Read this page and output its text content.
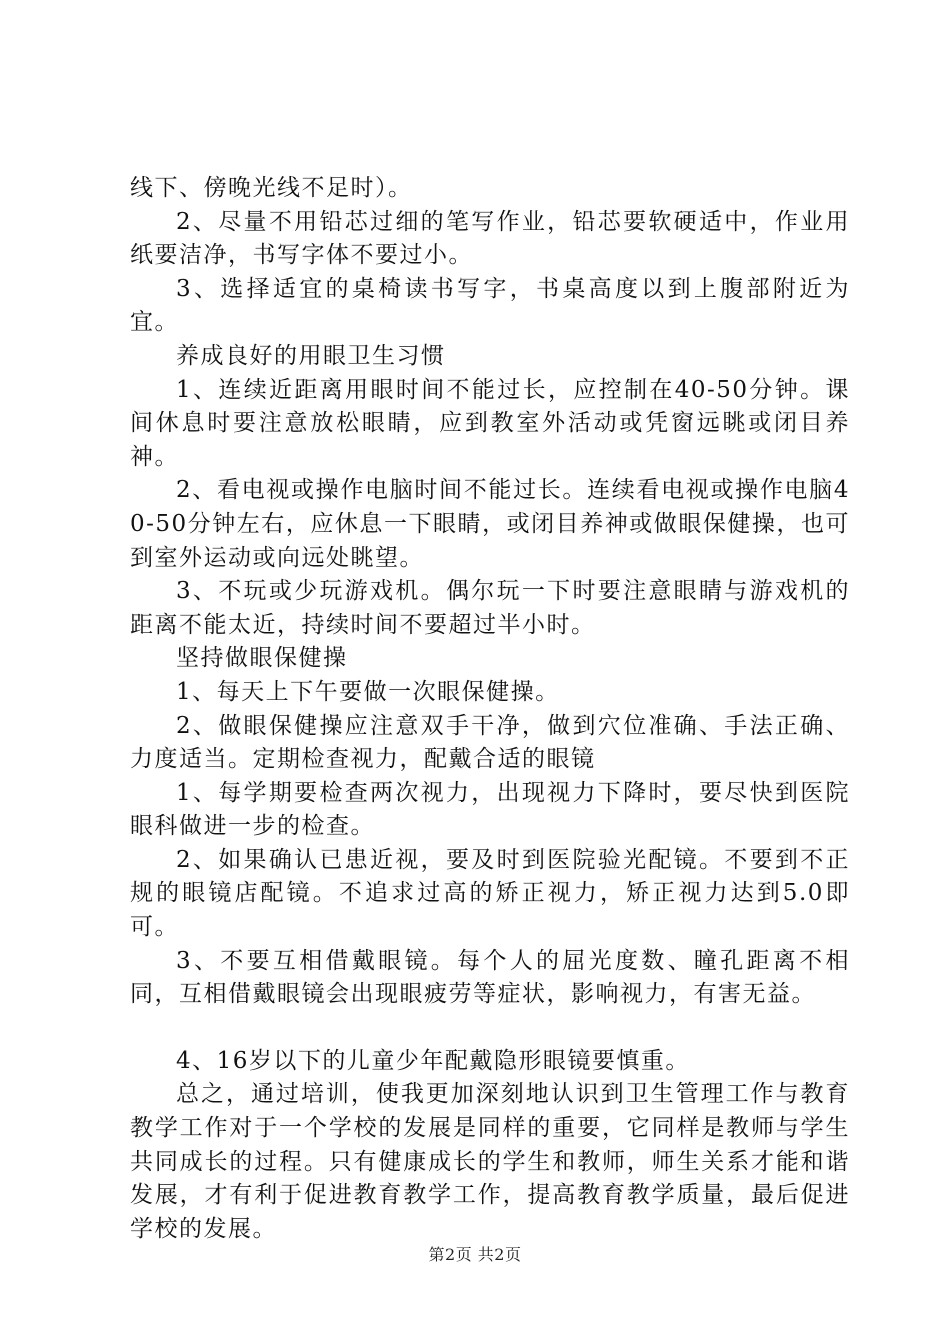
线下、傍晚光线不足时）。

2、尽量不用铅芯过细的笔写作业，铅芯要软硬适中，作业用纸要洁净，书写字体不要过小。

3、选择适宜的桌椅读书写字，书桌高度以到上腹部附近为宜。

养成良好的用眼卫生习惯

1、连续近距离用眼时间不能过长，应控制在40-50分钟。课间休息时要注意放松眼睛，应到教室外活动或凭窗远眺或闭目养神。

2、看电视或操作电脑时间不能过长。连续看电视或操作电脑40-50分钟左右，应休息一下眼睛，或闭目养神或做眼保健操，也可到室外运动或向远处眺望。

3、不玩或少玩游戏机。偶尔玩一下时要注意眼睛与游戏机的距离不能太近，持续时间不要超过半小时。

坚持做眼保健操

1、每天上下午要做一次眼保健操。

2、做眼保健操应注意双手干净，做到穴位准确、手法正确、力度适当。定期检查视力，配戴合适的眼镜

1、每学期要检查两次视力，出现视力下降时，要尽快到医院眼科做进一步的检查。

2、如果确认已患近视，要及时到医院验光配镜。不要到不正规的眼镜店配镜。不追求过高的矫正视力，矫正视力达到5.0即可。

3、不要互相借戴眼镜。每个人的屈光度数、瞳孔距离不相同，互相借戴眼镜会出现眼疲劳等症状，影响视力，有害无益。

4、16岁以下的儿童少年配戴隐形眼镜要慎重。

总之，通过培训，使我更加深刻地认识到卫生管理工作与教育教学工作对于一个学校的发展是同样的重要，它同样是教师与学生共同成长的过程。只有健康成长的学生和教师，师生关系才能和谐发展，才有利于促进教育教学工作，提高教育教学质量，最后促进学校的发展。

第2页 共2页
